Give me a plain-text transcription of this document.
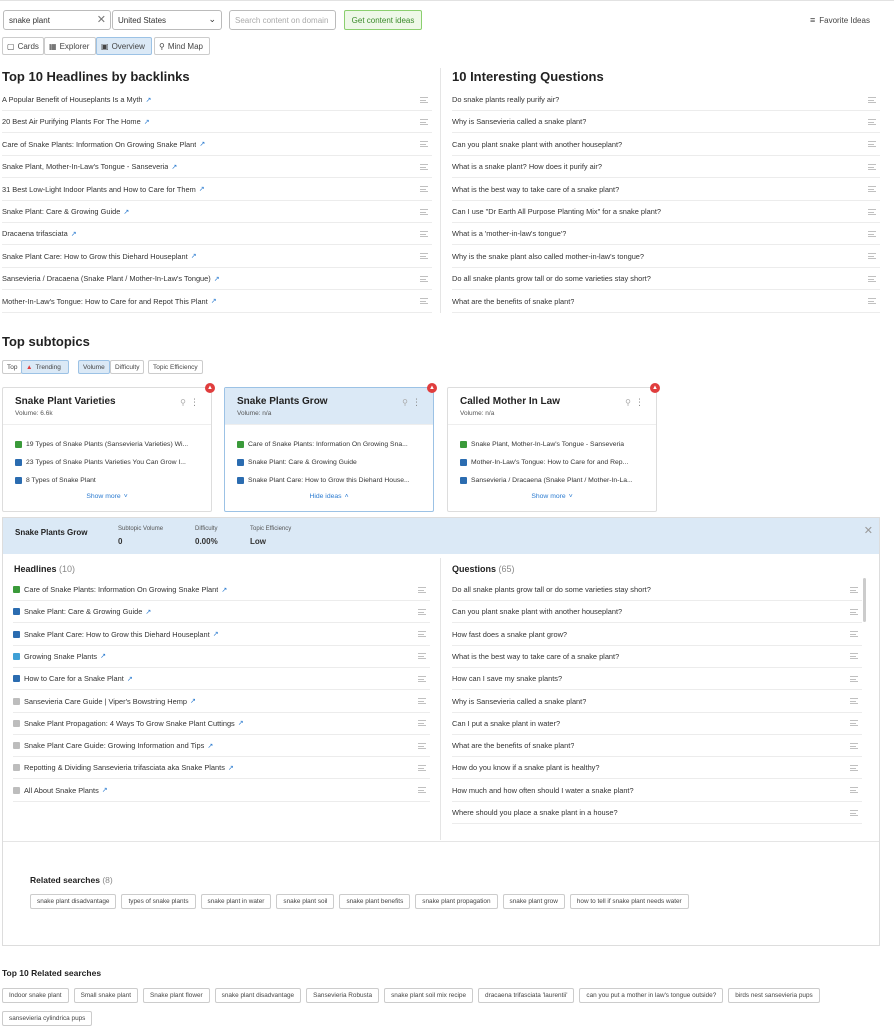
snake plant	✕ United States	⌄ Search content on domain	Get content ideas	≡ Favorite Ideas
▢ Cards ▦ Explorer ▣ Overview ⚲ Mind Map
Top 10 Headlines by backlinks
A Popular Benefit of Houseplants Is a Myth ↗
20 Best Air Purifying Plants For The Home ↗
Care of Snake Plants: Information On Growing Snake Plant ↗
Snake Plant, Mother-In-Law's Tongue - Sanseveria ↗
31 Best Low-Light Indoor Plants and How to Care for Them ↗
Snake Plant: Care & Growing Guide ↗
Dracaena trifasciata ↗
Snake Plant Care: How to Grow this Diehard Houseplant ↗
Sansevieria / Dracaena (Snake Plant / Mother-In-Law's Tongue) ↗
Mother-In-Law's Tongue: How to Care for and Repot This Plant ↗
10 Interesting Questions
Do snake plants really purify air?
Why is Sansevieria called a snake plant?
Can you plant snake plant with another houseplant?
What is a snake plant? How does it purify air?
What is the best way to take care of a snake plant?
Can I use "Dr Earth All Purpose Planting Mix" for a snake plant?
What is a 'mother-in-law's tongue'?
Why is the snake plant also called mother-in-law's tongue?
Do all snake plants grow tall or do some varieties stay short?
What are the benefits of snake plant?
Top subtopics
Top	▲ Trending	Volume	Difficulty	Topic Efficiency
▲
Snake Plant Varieties
Volume: 6.6k
⚲ ⋮
19 Types of Snake Plants (Sansevieria Varieties) Wi...
23 Types of Snake Plants Varieties You Can Grow I...
8 Types of Snake Plant
Show more ˅
▲
Snake Plants Grow
Volume: n/a
⚲ ⋮
Care of Snake Plants: Information On Growing Sna...
Snake Plant: Care & Growing Guide
Snake Plant Care: How to Grow this Diehard House...
Hide ideas ˄
▲
Called Mother In Law
Volume: n/a
⚲ ⋮
Snake Plant, Mother-In-Law's Tongue - Sanseveria
Mother-In-Law's Tongue: How to Care for and Rep...
Sansevieria / Dracaena (Snake Plant / Mother-In-La...
Show more ˅
Snake Plants Grow	Subtopic Volume
0
Difficulty
0.00%
Topic Efficiency
Low
✕
Headlines (10)	Questions (65)
Related searches (8)
snake plant disadvantage	types of snake plants	snake plant in water	snake plant soil	snake plant benefits	snake plant propagation	snake plant grow	how to tell if snake plant needs water
Care of Snake Plants: Information On Growing Snake Plant ↗
Snake Plant: Care & Growing Guide ↗
Snake Plant Care: How to Grow this Diehard Houseplant ↗
Growing Snake Plants ↗
How to Care for a Snake Plant ↗
Sansevieria Care Guide | Viper's Bowstring Hemp ↗
Snake Plant Propagation: 4 Ways To Grow Snake Plant Cuttings ↗
Snake Plant Care Guide: Growing Information and Tips ↗
Repotting & Dividing Sansevieria trifasciata aka Snake Plants ↗
All About Snake Plants ↗
Do all snake plants grow tall or do some varieties stay short?
Can you plant snake plant with another houseplant?
How fast does a snake plant grow?
What is the best way to take care of a snake plant?
How can I save my snake plants?
Why is Sansevieria called a snake plant?
Can I put a snake plant in water?
What are the benefits of snake plant?
How do you know if a snake plant is healthy?
How much and how often should I water a snake plant?
Where should you place a snake plant in a house?
Top 10 Related searches
Indoor snake plant	Small snake plant	Snake plant flower	snake plant disadvantage	Sansevieria Robusta	snake plant soil mix recipe	dracaena trifasciata 'laurentii'	can you put a mother in law's tongue outside?	birds nest sansevieria pupssansevieria cylindrica pups
